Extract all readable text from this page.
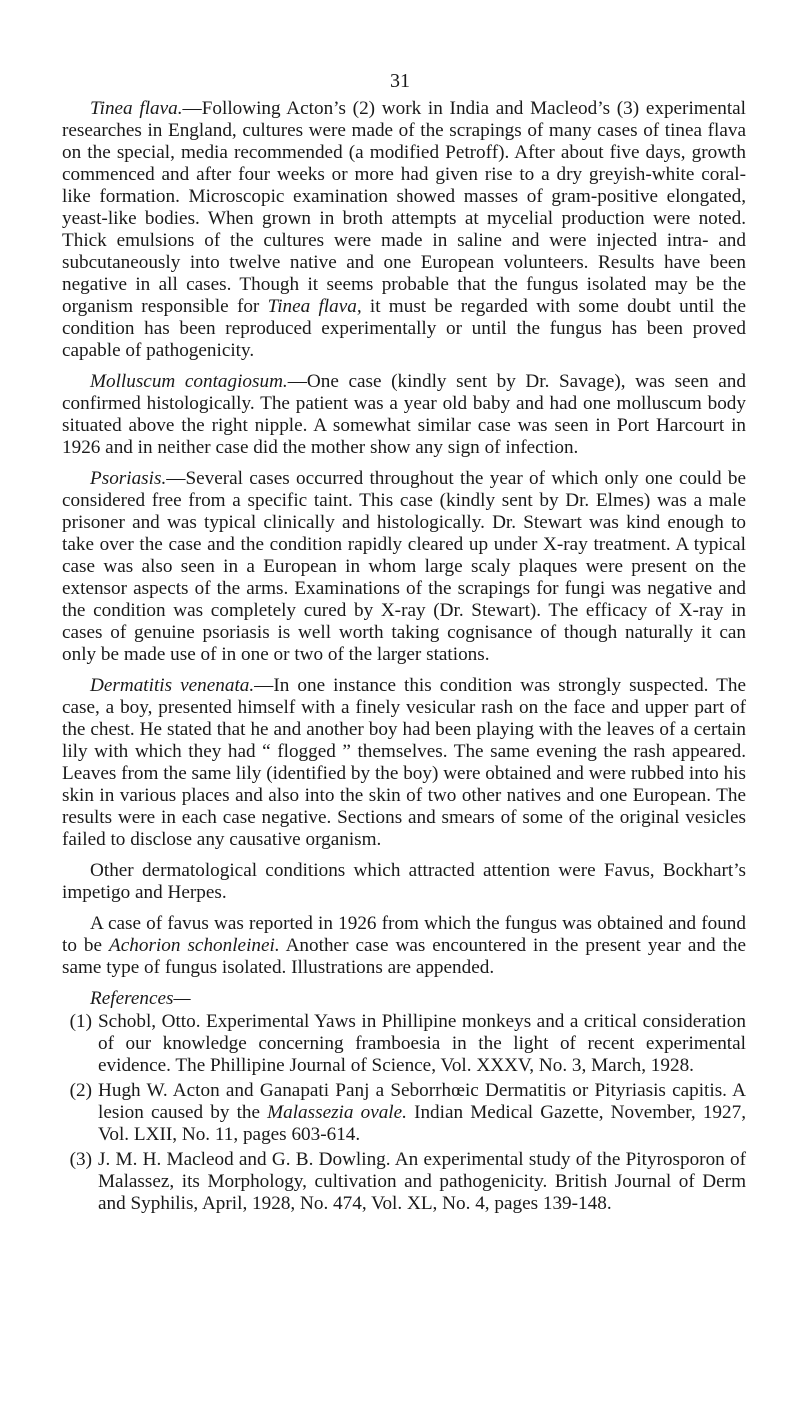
31

Tinea flava.—Following Acton’s (2) work in India and Macleod’s (3) experimental researches in England, cultures were made of the scrapings of many cases of tinea flava on the special, media recommended (a modified Petroff). After about five days, growth commenced and after four weeks or more had given rise to a dry greyish-white coral-like formation. Microscopic examination showed masses of gram-positive elongated, yeast-like bodies. When grown in broth attempts at mycelial production were noted. Thick emulsions of the cultures were made in saline and were injected intra- and subcutaneously into twelve native and one European volunteers. Results have been negative in all cases. Though it seems probable that the fungus isolated may be the organism responsible for Tinea flava, it must be regarded with some doubt until the condition has been reproduced experimentally or until the fungus has been proved capable of pathogenicity.

Molluscum contagiosum.—One case (kindly sent by Dr. Savage), was seen and confirmed histologically. The patient was a year old baby and had one molluscum body situated above the right nipple. A somewhat similar case was seen in Port Harcourt in 1926 and in neither case did the mother show any sign of infection.

Psoriasis.—Several cases occurred throughout the year of which only one could be considered free from a specific taint. This case (kindly sent by Dr. Elmes) was a male prisoner and was typical clinically and histologically. Dr. Stewart was kind enough to take over the case and the condition rapidly cleared up under X-ray treatment. A typical case was also seen in a European in whom large scaly plaques were present on the extensor aspects of the arms. Examinations of the scrapings for fungi was negative and the condition was completely cured by X-ray (Dr. Stewart). The efficacy of X-ray in cases of genuine psoriasis is well worth taking cognisance of though naturally it can only be made use of in one or two of the larger stations.

Dermatitis venenata.—In one instance this condition was strongly suspected. The case, a boy, presented himself with a finely vesicular rash on the face and upper part of the chest. He stated that he and another boy had been playing with the leaves of a certain lily with which they had “ flogged ” themselves. The same evening the rash appeared. Leaves from the same lily (identified by the boy) were obtained and were rubbed into his skin in various places and also into the skin of two other natives and one European. The results were in each case negative. Sections and smears of some of the original vesicles failed to disclose any causative organism.

Other dermatological conditions which attracted attention were Favus, Bockhart’s impetigo and Herpes.

A case of favus was reported in 1926 from which the fungus was obtained and found to be Achorion schonleinei. Another case was encountered in the present year and the same type of fungus isolated. Illustrations are appended.

References—
(1) Schobl, Otto. Experimental Yaws in Phillipine monkeys and a critical consideration of our knowledge concerning framboesia in the light of recent experimental evidence. The Phillipine Journal of Science, Vol. XXXV, No. 3, March, 1928.
(2) Hugh W. Acton and Ganapati Panj a Seborrhœic Dermatitis or Pityriasis capitis. A lesion caused by the Malassezia ovale. Indian Medical Gazette, November, 1927, Vol. LXII, No. 11, pages 603-614.
(3) J. M. H. Macleod and G. B. Dowling. An experimental study of the Pityrosporon of Malassez, its Morphology, cultivation and pathogenicity. British Journal of Derm and Syphilis, April, 1928, No. 474, Vol. XL, No. 4, pages 139-148.
